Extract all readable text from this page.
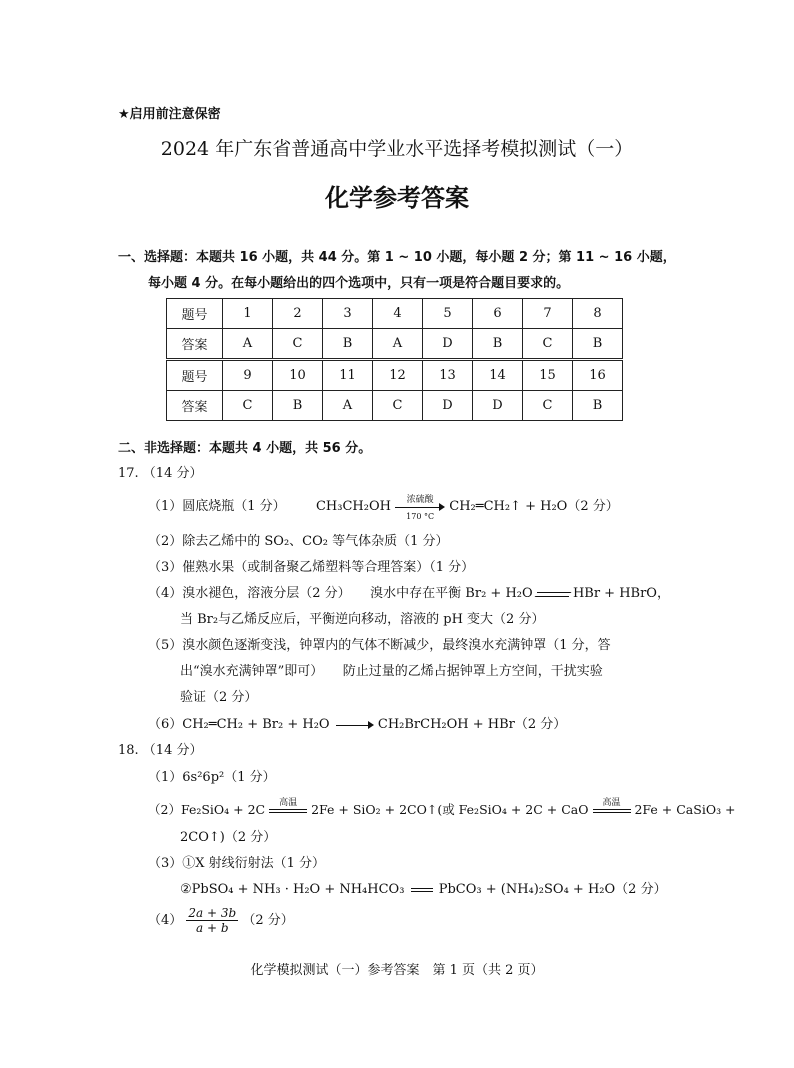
★启用前注意保密
2024 年广东省普通高中学业水平选择考模拟测试（一）
化学参考答案
一、选择题：本题共 16 小题，共 44 分。第 1 ~ 10 小题，每小题 2 分；第 11 ~ 16 小题，
每小题 4 分。在每小题给出的四个选项中，只有一项是符合题目要求的。
题号	1	2	3	4	5	6	7	8
答案	A	C	B	A	D	B	C	B
题号	9	10	11	12	13	14	15	16
答案	C	B	A	C	D	D	C	B
二、非选择题：本题共 4 小题，共 56 分。
17. （14 分）
（1）圆底烧瓶（1 分） CH₃CH₂OH	浓硫酸
170 °C
CH₂═CH₂↑ + H₂O（2 分）
（2）除去乙烯中的 SO₂、CO₂ 等气体杂质（1 分）
（3）催熟水果（或制备聚乙烯塑料等合理答案）（1 分）
（4）溴水褪色，溶液分层（2 分）　　溴水中存在平衡 Br₂ + H₂O	HBr + HBrO，
当 Br₂与乙烯反应后，平衡逆向移动，溶液的 pH 变大（2 分）
（5）溴水颜色逐渐变浅，钟罩内的气体不断减少，最终溴水充满钟罩（1 分，答
出“溴水充满钟罩”即可）　　防止过量的乙烯占据钟罩上方空间，干扰实验
验证（2 分）
（6）CH₂═CH₂ + Br₂ + H₂O	CH₂BrCH₂OH + HBr（2 分）
18. （14 分）
（1）6s²6p²（1 分）
（2）Fe₂SiO₄ + 2C	高温	2Fe + SiO₂ + 2CO↑(或 Fe₂SiO₄ + 2C + CaO	高温	2Fe + CaSiO₃ +
2CO↑)（2 分）
（3）①X 射线衍射法（1 分）
②PbSO₄ + NH₃ · H₂O + NH₄HCO₃	PbCO₃ + (NH₄)₂SO₄ + H₂O（2 分）
$(4) \frac{2a + 3b}{a + b} (2$ 分）
化学模拟测试（一）参考答案　第 1 页（共 2 页）
